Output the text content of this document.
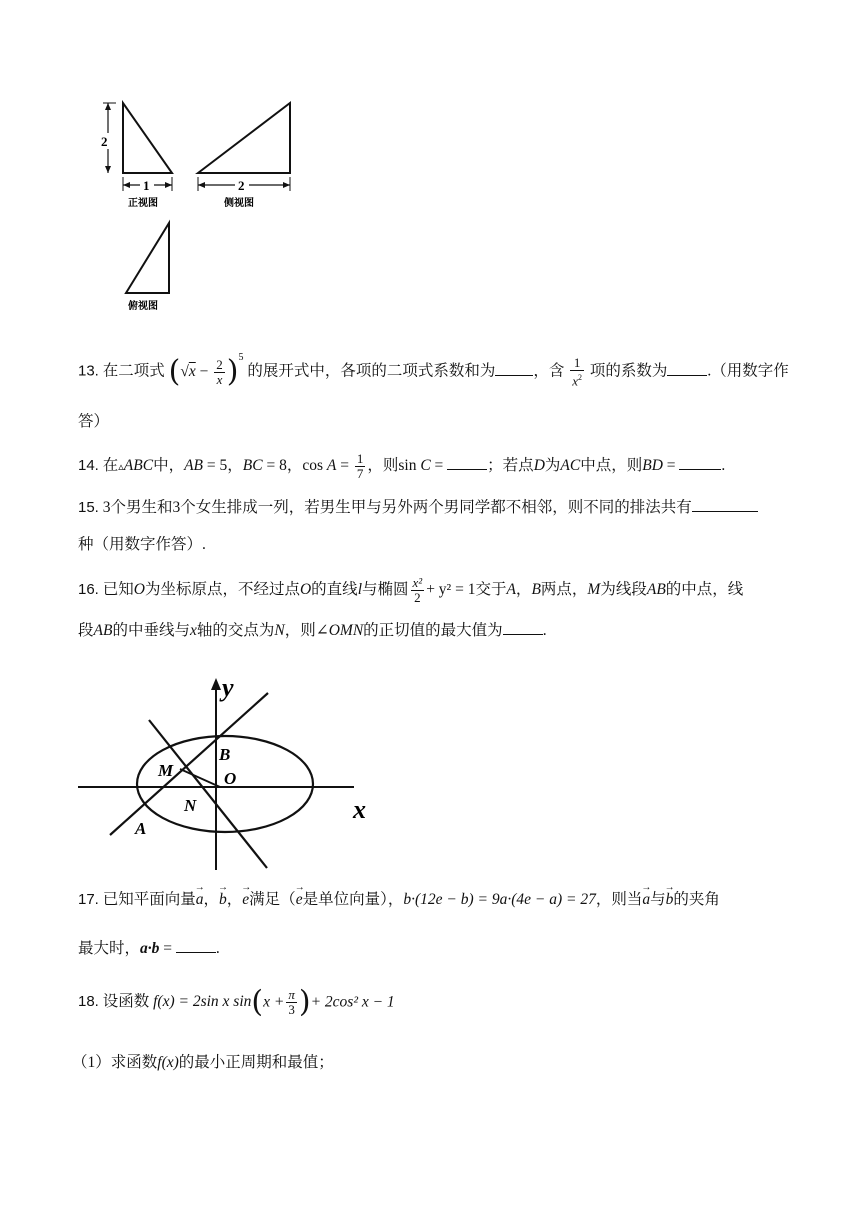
2
1
正视图
2
侧视图
俯视图
13. 在二项式 $(√x - \frac{2}{x} )^5$ 的展开式中，各项的二项式系数和为 ，含 $\frac{1}{x^2}$ 项的系数为	.（用数字作
答）
14. 在▵ABC中，AB = 5，BC = 8，$\cos A = \frac{1}{7}$ ，则sin C =	；若点D为AC中点，则BD =	.
15. 3个男生和3个女生排成一列，若男生甲与另外两个男同学都不相邻，则不同的排法共有
种（用数字作答）.
16. 已知O为坐标原点，不经过点O的直线l与椭圆 $\frac{\text{x²}}{2} + y^2 = 1$交于A，B两点，M为线段AB的中点，线
段AB的中垂线与x轴的交点为N，则∠OMN的正切值的最大值为	.
y
x
B
M	O
N
A
17. 已知平面向量→ a，→ b，→ e满足（→ e是单位向量），b·(12e − b) = 9a·(4e − a) = 27，则当→ a与→ b的夹角
最大时，a·b =	.
18. 设函数 f(x) = 2sin x $\sin(x + \frac{\pi}{3}$ )+ 2cos² x − 1
（1）求函数f(x)的最小正周期和最值；
